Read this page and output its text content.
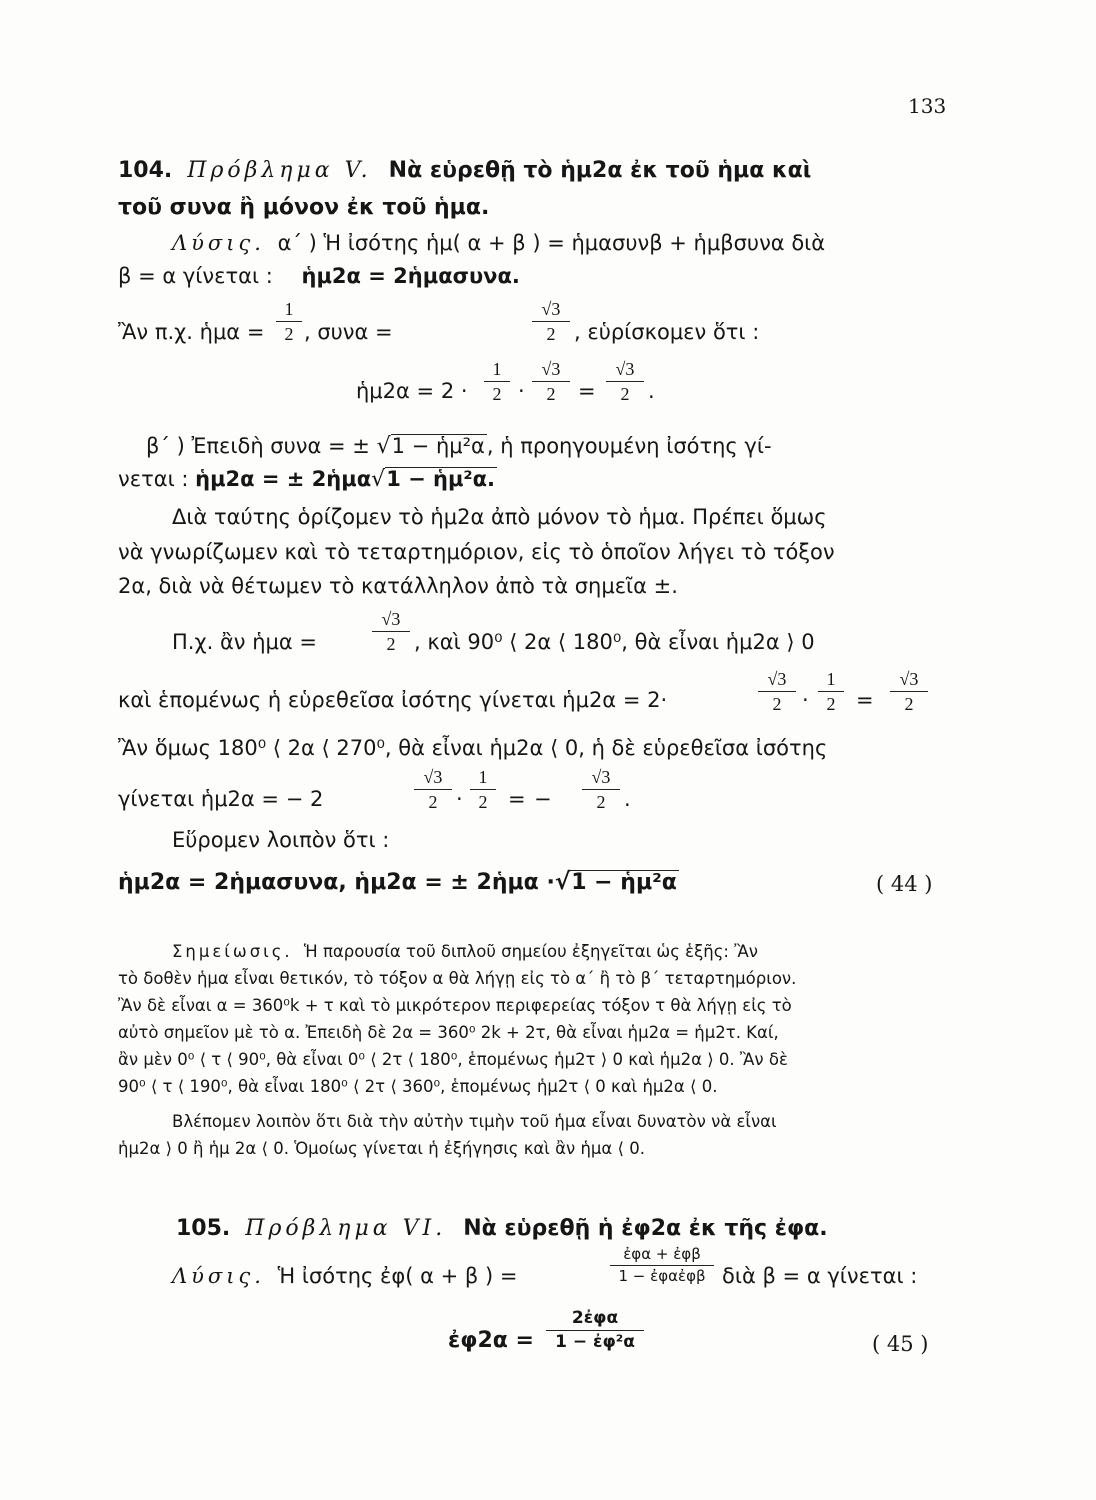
133
104. Πρόβλημα V. Νὰ εὑρεθῇ τὸ ἡμ2α ἐκ τοῦ ἡμα καὶ
τοῦ συνα ἢ μόνον ἐκ τοῦ ἡμα.
Λύσις. α΄ ) Ἡ ἰσότης ἡμ( α + β ) = ἡμασυνβ + ἡμβσυνα διὰ
β = α γίνεται : ἡμ2α = 2ἡμασυνα.
Ἂν π.χ. ἡμα = $\frac{1}{2}$ , συνα =	$\frac{√3}{2}$ , εὑρίσκομεν ὅτι :
ἡμ2α = $2 \cdot \frac{1}{2} \cdot \frac{√3}{2} = \frac{√3}{2}$ .
β΄ ) Ἐπειδὴ συνα = ± √1 − ἡμ²α, ἡ προηγουμένη ἰσότης γί-
νεται : ἡμ2α = ± 2ἡμα√1 − ἡμ²α.
Διὰ ταύτης ὁρίζομεν τὸ ἡμ2α ἀπὸ μόνον τὸ ἡμα. Πρέπει ὅμως
νὰ γνωρίζωμεν καὶ τὸ τεταρτημόριον, εἰς τὸ ὁποῖον λήγει τὸ τόξον
2α, διὰ νὰ θέτωμεν τὸ κατάλληλον ἀπὸ τὰ σημεῖα ±.
Π.χ. ἂν ἡμα =	$\frac{√3}{2}$ , καὶ 90⁰ ⟨ 2α ⟨ 180⁰, θὰ εἶναι ἡμ2α ⟩ 0
καὶ ἑπομένως ἡ εὑρεθεῖσα ἰσότης γίνεται ἡμ2α = 2·	$\frac{√3}{2} \cdot \frac{1}{2} = \frac{√3}{2}$
Ἂν ὅμως 180⁰ ⟨ 2α ⟨ 270⁰, θὰ εἶναι ἡμ2α ⟨ 0, ἡ δὲ εὑρεθεῖσα ἰσότης
γίνεται ἡμ2α = − 2	$\frac{√3}{2} \cdot \frac{1}{2}$ = − $\frac{√3}{2}$ .
Εὕρομεν λοιπὸν ὅτι :
ἡμ2α = 2ἡμασυνα, ἡμ2α = ± 2ἡμα ·√1 − ἡμ²α	( 44 )
Σημείωσις. Ἡ παρουσία τοῦ διπλοῦ σημείου ἐξηγεῖται ὡς ἑξῆς: Ἂν
τὸ δοθὲν ἡμα εἶναι θετικόν, τὸ τόξον α θὰ λήγῃ εἰς τὸ α΄ ἢ τὸ β΄ τεταρτημόριον.
Ἂν δὲ εἶναι α = 360⁰k + τ καὶ τὸ μικρότερον περιφερείας τόξον τ θὰ λήγῃ εἰς τὸ
αὐτὸ σημεῖον μὲ τὸ α. Ἐπειδὴ δὲ 2α = 360⁰ 2k + 2τ, θὰ εἶναι ἡμ2α = ἡμ2τ. Καί,
ἂν μὲν 0⁰ ⟨ τ ⟨ 90⁰, θὰ εἶναι 0⁰ ⟨ 2τ ⟨ 180⁰, ἑπομένως ἡμ2τ ⟩ 0 καὶ ἡμ2α ⟩ 0. Ἂν δὲ
90⁰ ⟨ τ ⟨ 190⁰, θὰ εἶναι 180⁰ ⟨ 2τ ⟨ 360⁰, ἑπομένως ἡμ2τ ⟨ 0 καὶ ἡμ2α ⟨ 0.
Βλέπομεν λοιπὸν ὅτι διὰ τὴν αὐτὴν τιμὴν τοῦ ἡμα εἶναι δυνατὸν νὰ εἶναι
ἡμ2α ⟩ 0 ἢ ἡμ 2α ⟨ 0. Ὁμοίως γίνεται ἡ ἐξήγησις καὶ ἂν ἡμα ⟨ 0.
105. Πρόβλημα VI. Νὰ εὑρεθῇ ἡ ἐφ2α ἐκ τῆς ἐφα.
Λύσις. Ἡ ἰσότης ἐφ( α + β ) =
ἐφα + ἐφβ
1 − ἐφαἐφβ διὰ β = α γίνεται :
ἐφ2α =
2ἐφα
1 − ἐφ²α	( 45 )
